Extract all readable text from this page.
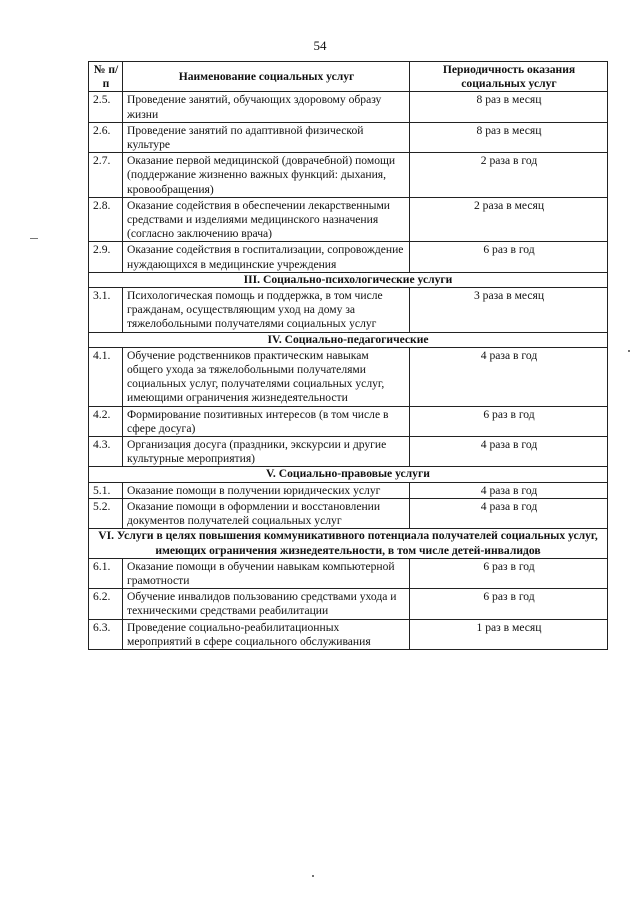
54
№ п/п	Наименование социальных услуг	Периодичность оказания социальных услуг
2.5.	Проведение занятий, обучающих здоровому образу жизни	8 раз в месяц
2.6.	Проведение занятий по адаптивной физической культуре	8 раз в месяц
2.7.	Оказание первой медицинской (доврачебной) помощи (поддержание жизненно важных функций: дыхания, кровообращения)	2 раза в год
2.8.	Оказание содействия в обеспечении лекарственными средствами и изделиями медицинского назначения (согласно заключению врача)	2 раза в месяц
2.9.	Оказание содействия в госпитализации, сопровождение нуждающихся в медицинские учреждения	6 раз в год
III. Социально-психологические услуги		
3.1.	Психологическая помощь и поддержка, в том числе гражданам, осуществляющим уход на дому за тяжелобольными получателями социальных услуг	3 раза в месяц
IV. Социально-педагогические		
4.1.	Обучение родственников практическим навыкам общего ухода за тяжелобольными получателями социальных услуг, получателями социальных услуг, имеющими ограничения жизнедеятельности	4 раза в год
4.2.	Формирование позитивных интересов (в том числе в сфере досуга)	6 раз в год
4.3.	Организация досуга (праздники, экскурсии и другие культурные мероприятия)	4 раза в год
V. Социально-правовые услуги		
5.1.	Оказание помощи в получении юридических услуг	4 раза в год
5.2.	Оказание помощи в оформлении и восстановлении документов получателей социальных услуг	4 раза в год
VI. Услуги в целях повышения коммуникативного потенциала получателей социальных услуг, имеющих ограничения жизнедеятельности, в том числе детей-инвалидов		
6.1.	Оказание помощи в обучении навыкам компьютерной грамотности	6 раз в год
6.2.	Обучение инвалидов пользованию средствами ухода и техническими средствами реабилитации	6 раз в год
6.3.	Проведение социально-реабилитационных мероприятий в сфере социального обслуживания	1 раз в месяц
